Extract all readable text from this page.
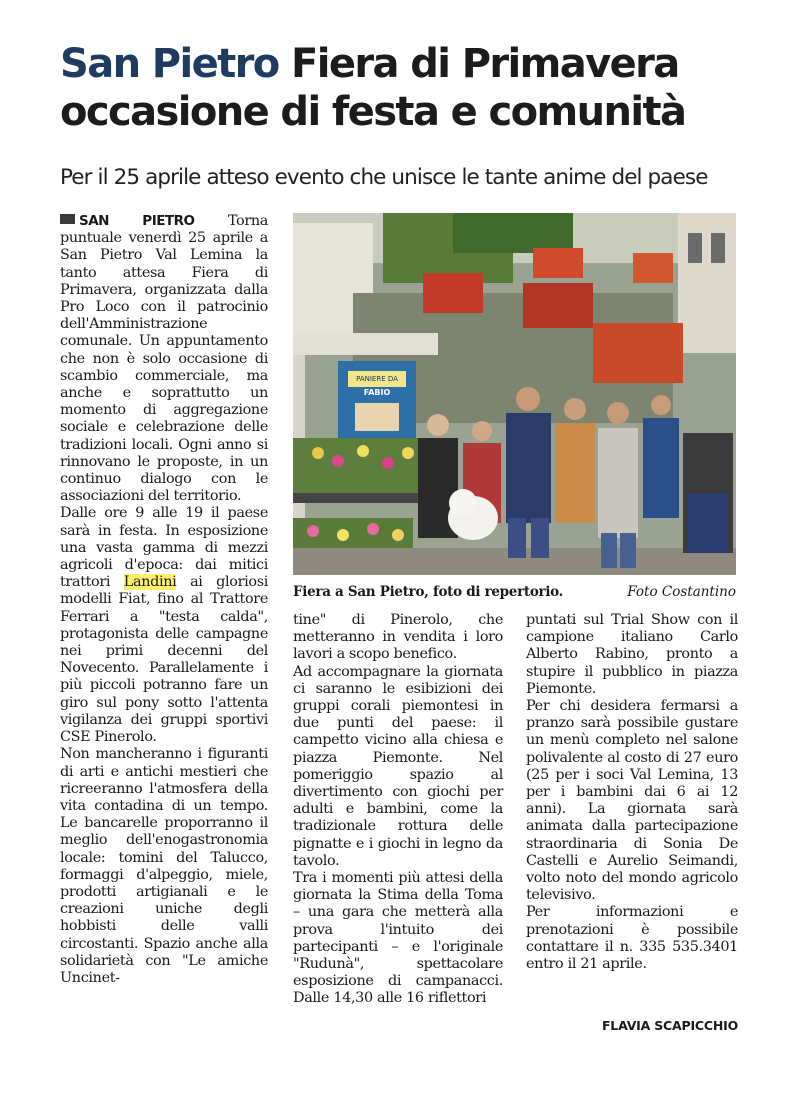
San Pietro Fiera di Primavera occasione di festa e comunità

Per il 25 aprile atteso evento che unisce le tante anime del paese

SAN PIETRO Torna puntuale venerdì 25 aprile a San Pietro Val Lemina la tanto attesa Fiera di Primavera, organizzata dalla Pro Loco con il patrocinio dell'Amministrazione comunale. Un appuntamento che non è solo occasione di scambio commerciale, ma anche e soprattutto un momento di aggregazione sociale e celebrazione delle tradizioni locali. Ogni anno si rinnovano le proposte, in un continuo dialogo con le associazioni del territorio.

Dalle ore 9 alle 19 il paese sarà in festa. In esposizione una vasta gamma di mezzi agricoli d'epoca: dai mitici trattori Landini ai gloriosi modelli Fiat, fino al Trattore Ferrari a "testa calda", protagonista delle campagne nei primi decenni del Novecento. Parallelamente i più piccoli potranno fare un giro sul pony sotto l'attenta vigilanza dei gruppi sportivi CSE Pinerolo.

Non mancheranno i figuranti di arti e antichi mestieri che ricreeranno l'atmosfera della vita contadina di un tempo. Le bancarelle proporranno il meglio dell'enogastronomia locale: tomini del Talucco, formaggi d'alpeggio, miele, prodotti artigianali e le creazioni uniche degli hobbisti delle valli circostanti. Spazio anche alla solidarietà con "Le amiche Uncinet-

PANIERE DA
FABIO
Fiera a San Pietro, foto di repertorio.	Foto Costantino

tine" di Pinerolo, che metteranno in vendita i loro lavori a scopo benefico.

Ad accompagnare la giornata ci saranno le esibizioni dei gruppi corali piemontesi in due punti del paese: il campetto vicino alla chiesa e piazza Piemonte. Nel pomeriggio spazio al divertimento con giochi per adulti e bambini, come la tradizionale rottura delle pignatte e i giochi in legno da tavolo.

Tra i momenti più attesi della giornata la Stima della Toma – una gara che metterà alla prova l'intuito dei partecipanti – e l'originale "Rudunà", spettacolare esposizione di campanacci. Dalle 14,30 alle 16 riflettori

puntati sul Trial Show con il campione italiano Carlo Alberto Rabino, pronto a stupire il pubblico in piazza Piemonte.

Per chi desidera fermarsi a pranzo sarà possibile gustare un menù completo nel salone polivalente al costo di 27 euro (25 per i soci Val Lemina, 13 per i bambini dai 6 ai 12 anni). La giornata sarà animata dalla partecipazione straordinaria di Sonia De Castelli e Aurelio Seimandi, volto noto del mondo agricolo televisivo.

Per informazioni e prenotazioni è possibile contattare il n. 335 535.3401 entro il 21 aprile.

FLAVIA SCAPICCHIO
